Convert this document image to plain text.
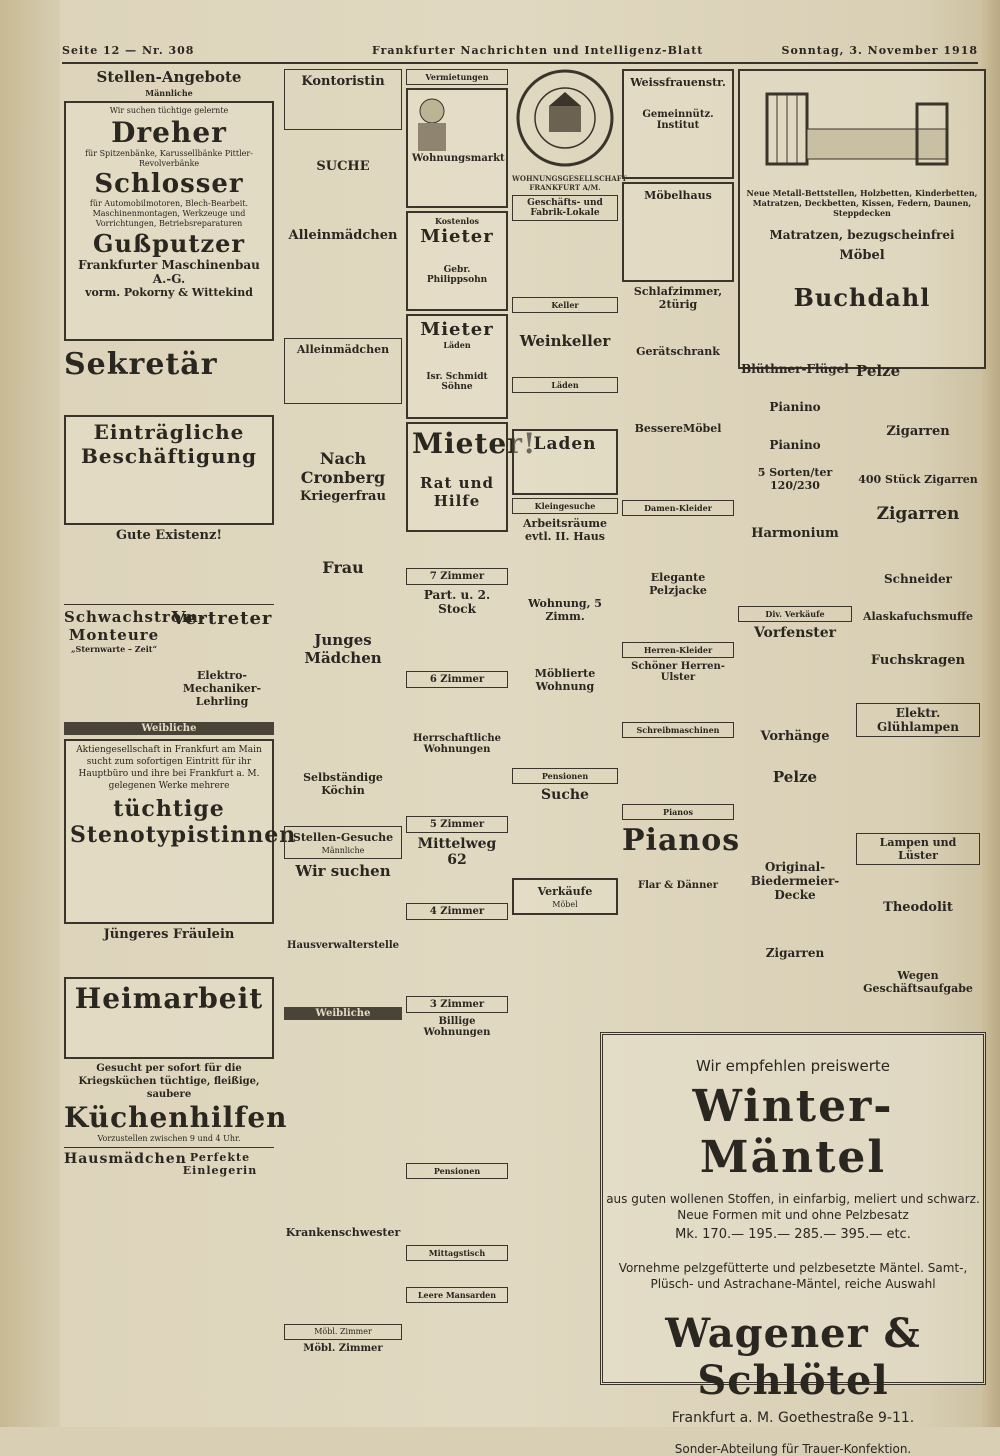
Seite 12 — Nr. 308	Frankfurter Nachrichten und Intelligenz-Blatt	Sonntag, 3. November 1918
Stellen-Angebote
Männliche
Wir suchen tüchtige gelernte
Dreher
für Spitzenbänke, Karussellbänke Pittler-Revolverbänke
Schlosser
für Automobilmotoren, Blech-Bearbeit. Maschinenmontagen, Werkzeuge und Vorrichtungen, Betriebsreparaturen
Gußputzer
Frankfurter Maschinenbau A.-G.
vorm. Pokorny & Wittekind
Sekretär
Einträgliche
Beschäftigung
Gute Existenz!
Schwachstrom-Monteure
„Sternwarte – Zeit“
Vertreter
Elektro-Mechaniker-Lehrling
Weibliche
Aktiengesellschaft in Frankfurt am Main sucht zum sofortigen Eintritt für ihr Hauptbüro und ihre bei Frankfurt a. M. gelegenen Werke mehrere
tüchtige Stenotypistinnen
Jüngeres Fräulein
Heimarbeit
Gesucht per sofort für die Kriegsküchen tüchtige, fleißige, saubere
Küchenhilfen
Vorzustellen zwischen 9 und 4 Uhr.
Hausmädchen Perfekte Einlegerin
Kontoristin
SUCHE
Alleinmädchen
Alleinmädchen
Nach Cronberg
Kriegerfrau
Frau
Junges Mädchen
Selbständige Köchin
Stellen-Gesuche
Männliche
Wir suchen
Hausverwalterstelle
Weibliche
Krankenschwester
Möbl. Zimmer
Möbl. Zimmer
Vermietungen
Wohnungsmarkt
Kostenlos
Mieter
Gebr. Philippsohn
Mieter
Läden
Isr. Schmidt Söhne
Mieter!
Rat und Hilfe
7 Zimmer
Part. u. 2. Stock
6 Zimmer
Herrschaftliche Wohnungen
5 Zimmer
Mittelweg 62
4 Zimmer
3 Zimmer
Billige Wohnungen
Pensionen
Mittagstisch
Leere Mansarden
WOHNUNGSGESELLSCHAFT
FRANKFURT A/M.
Geschäfts- und Fabrik-Lokale
Keller
Weinkeller
Läden
Laden
Kleingesuche
Arbeitsräume evtl. II. Haus
Wohnung, 5 Zimm.
Möblierte Wohnung
Pensionen
Suche
Verkäufe
Möbel
Weissfrauenstr.
Gemeinnütz. Institut
Möbelhaus
Schlafzimmer, 2türig
Gerätschrank
BessereMöbel
Damen-Kleider
Elegante Pelzjacke
Herren-Kleider
Schöner Herren-Ulster
Schreibmaschinen
Pianos
Pianos
Flar & Dänner
Neue Metall-Bettstellen, Holzbetten, Kinderbetten, Matratzen, Deckbetten, Kissen, Federn, Daunen, Steppdecken
Matratzen, bezugscheinfrei
Möbel
Buchdahl
Blüthner-Flügel
Pianino
Pianino
5 Sorten/ter 120/230
Harmonium
Div. Verkäufe
Vorfenster
Vorhänge
Pelze
Original-Biedermeier-Decke
Zigarren
Pelze
Zigarren
400 Stück Zigarren
Zigarren
Schneider
Alaskafuchsmuffe
Fuchskragen
Elektr. Glühlampen
Lampen und Lüster
Theodolit
Wegen Geschäftsaufgabe
Wir empfehlen preiswerte
Winter-Mäntel
aus guten wollenen Stoffen, in einfarbig, meliert und schwarz. Neue Formen mit und ohne Pelzbesatz
Mk. 170.— 195.— 285.— 395.— etc.
Vornehme pelzgefütterte und pelzbesetzte Mäntel. Samt-, Plüsch- und Astrachane-Mäntel, reiche Auswahl
Wagener & Schlötel
Frankfurt a. M. Goethestraße 9-11.
Sonder-Abteilung für Trauer-Konfektion.
